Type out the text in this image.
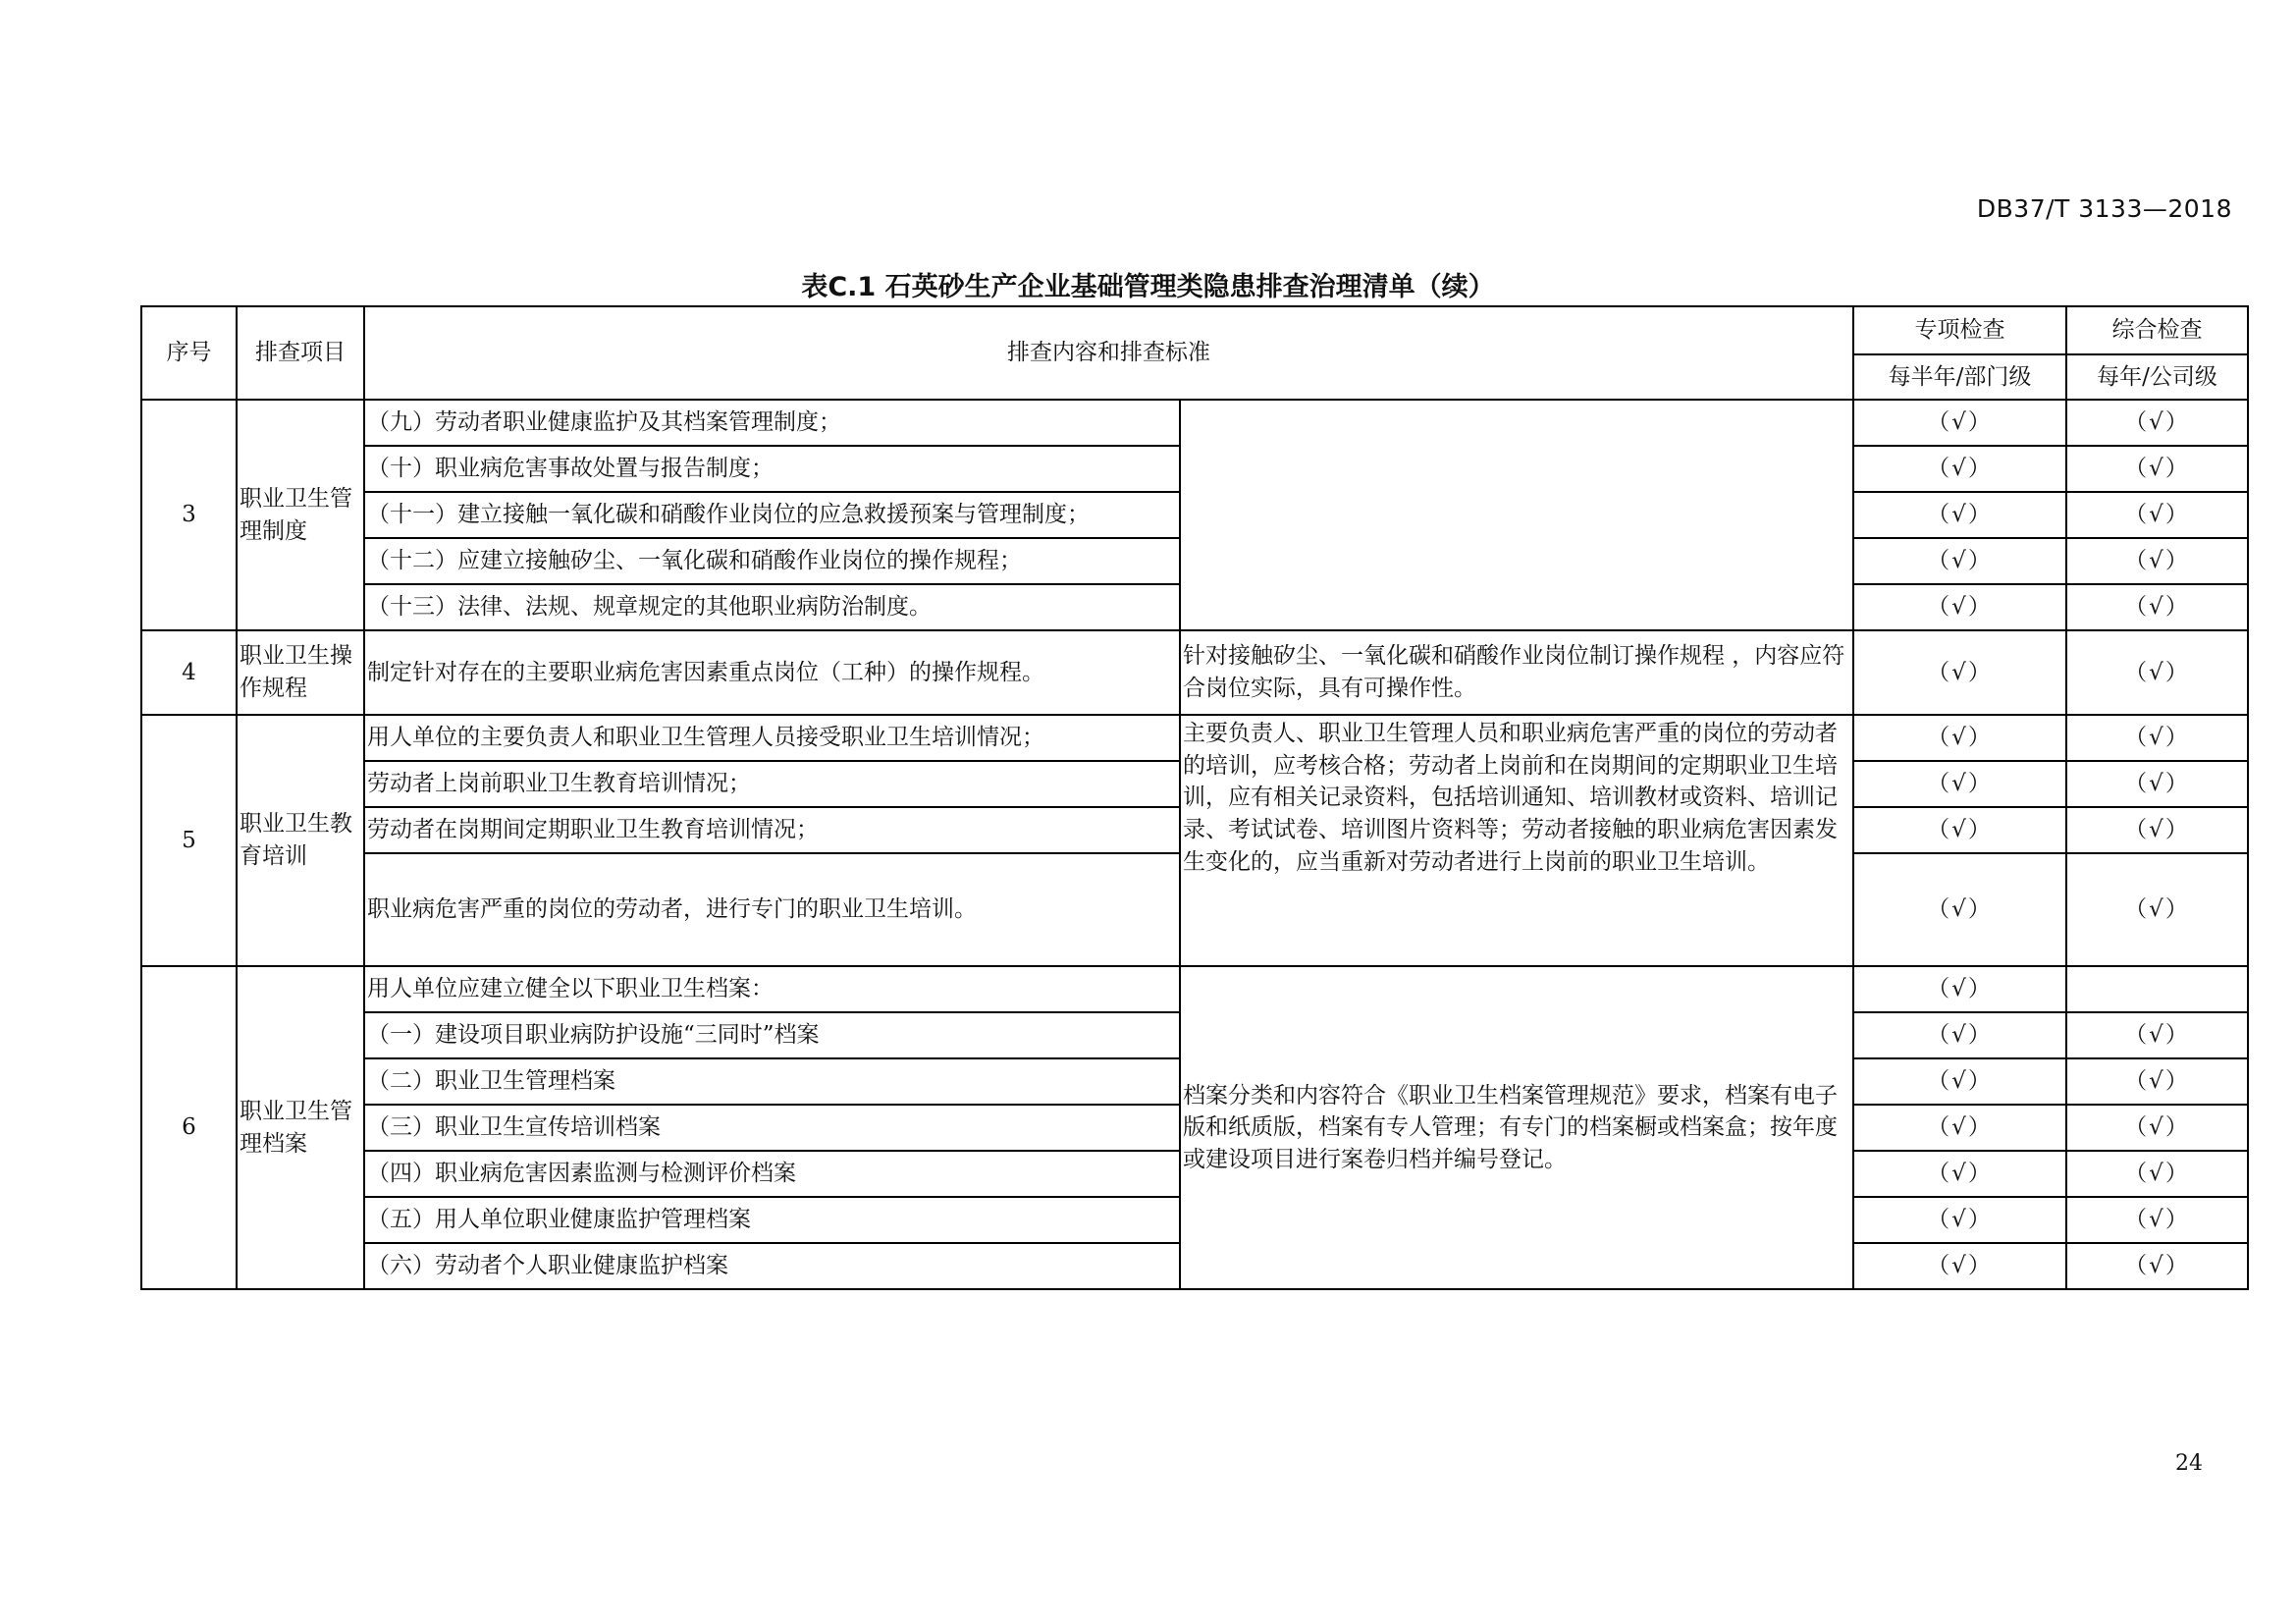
DB37/T 3133—2018
表C.1 石英砂生产企业基础管理类隐患排查治理清单（续）
序号	排查项目	排查内容和排查标准		专项检查	综合检查
				每半年/部门级	每年/公司级
3	职业卫生管理制度	（九）劳动者职业健康监护及其档案管理制度；		（√）	（√）
		（十）职业病危害事故处置与报告制度；		（√）	（√）
		（十一）建立接触一氧化碳和硝酸作业岗位的应急救援预案与管理制度；		（√）	（√）
		（十二）应建立接触矽尘、一氧化碳和硝酸作业岗位的操作规程；		（√）	（√）
		（十三）法律、法规、规章规定的其他职业病防治制度。		（√）	（√）
4	职业卫生操作规程	制定针对存在的主要职业病危害因素重点岗位（工种）的操作规程。	针对接触矽尘、一氧化碳和硝酸作业岗位制订操作规程 ，内容应符合岗位实际，具有可操作性。	（√）	（√）
5	职业卫生教育培训	用人单位的主要负责人和职业卫生管理人员接受职业卫生培训情况；	主要负责人、职业卫生管理人员和职业病危害严重的岗位的劳动者的培训，应考核合格；劳动者上岗前和在岗期间的定期职业卫生培训，应有相关记录资料，包括培训通知、培训教材或资料、培训记录、考试试卷、培训图片资料等；劳动者接触的职业病危害因素发生变化的，应当重新对劳动者进行上岗前的职业卫生培训。	（√）	（√）
		劳动者上岗前职业卫生教育培训情况；		（√）	（√）
		劳动者在岗期间定期职业卫生教育培训情况；		（√）	（√）
		职业病危害严重的岗位的劳动者，进行专门的职业卫生培训。		（√）	（√）
6	职业卫生管理档案	用人单位应建立健全以下职业卫生档案：	档案分类和内容符合《职业卫生档案管理规范》要求，档案有电子版和纸质版，档案有专人管理；有专门的档案橱或档案盒；按年度或建设项目进行案卷归档并编号登记。	（√）	
		（一）建设项目职业病防护设施“三同时”档案		（√）	（√）
		（二）职业卫生管理档案		（√）	（√）
		（三）职业卫生宣传培训档案		（√）	（√）
		（四）职业病危害因素监测与检测评价档案		（√）	（√）
		（五）用人单位职业健康监护管理档案		（√）	（√）
		（六）劳动者个人职业健康监护档案		（√）	（√）
24
